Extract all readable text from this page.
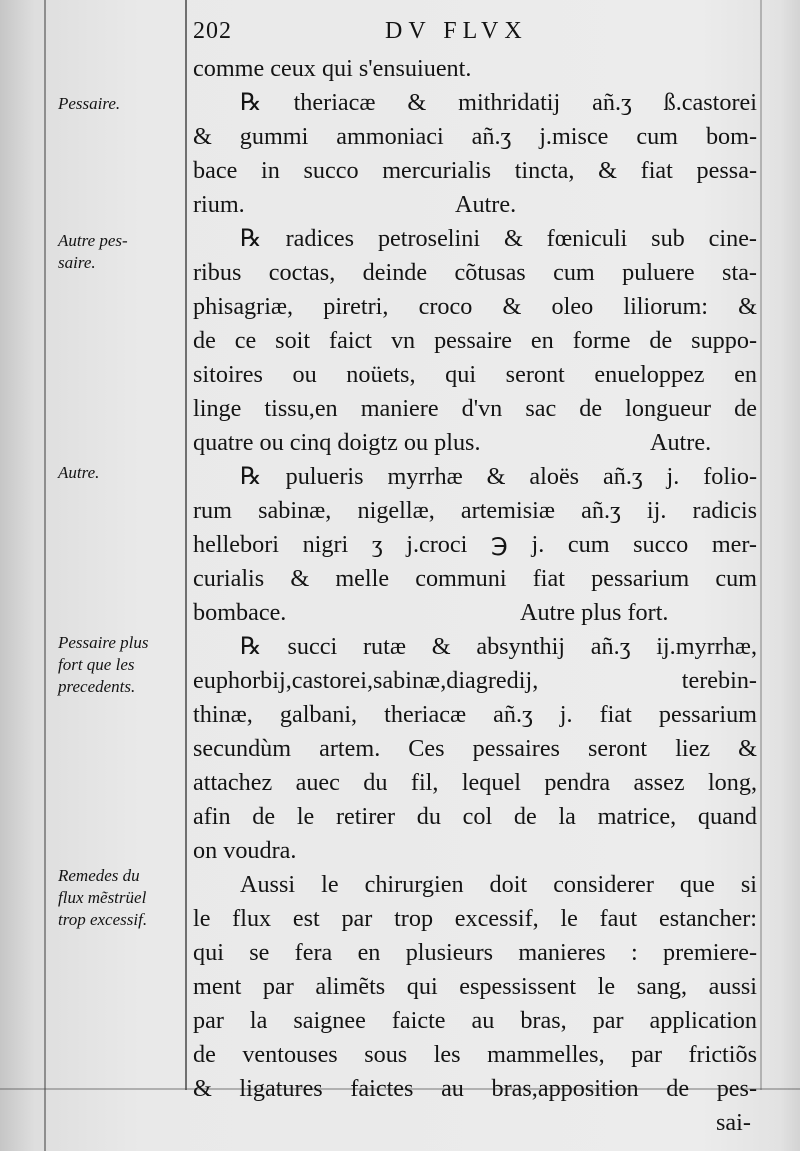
202	DV FLVX
Pessaire.
Autre pes-
saire.
Autre.
Pessaire plus
fort que les
precedents.
Remedes du
flux mẽstrüel
trop excessif.
comme ceux qui s'ensuiuent.
℞ theriacæ & mithridatij añ.ʒ ß.castorei
& gummi ammoniaci añ.ʒ j.misce cum bom-
bace in succo mercurialis tincta, & fiat pessa-
rium.	Autre.
℞ radices petroselini & fœniculi sub cine-
ribus coctas, deinde cõtusas cum puluere sta-
phisagriæ, piretri, croco & oleo liliorum: &
de ce soit faict vn pessaire en forme de suppo-
sitoires ou noüets, qui seront enueloppez en
linge tissu,en maniere d'vn sac de longueur de
quatre ou cinq doigtz ou plus.	Autre.
℞ pulueris myrrhæ & aloës añ.ʒ j. folio-
rum sabinæ, nigellæ, artemisiæ añ.ʒ ij. radicis
hellebori nigri ʒ j.croci ℈ j. cum succo mer-
curialis & melle communi fiat pessarium cum
bombace.	Autre plus fort.
℞ succi rutæ & absynthij añ.ʒ ij.myrrhæ,
euphorbij,castorei,sabinæ,diagredij, terebin-
thinæ, galbani, theriacæ añ.ʒ j. fiat pessarium
secundùm artem. Ces pessaires seront liez &
attachez auec du fil, lequel pendra assez long,
afin de le retirer du col de la matrice, quand
on voudra.
Aussi le chirurgien doit considerer que si
le flux est par trop excessif, le faut estancher:
qui se fera en plusieurs manieres : premiere-
ment par alimẽts qui espessissent le sang, aussi
par la saignee faicte au bras, par application
de ventouses sous les mammelles, par frictiõs
& ligatures faictes au bras,apposition de pes-
sai-
